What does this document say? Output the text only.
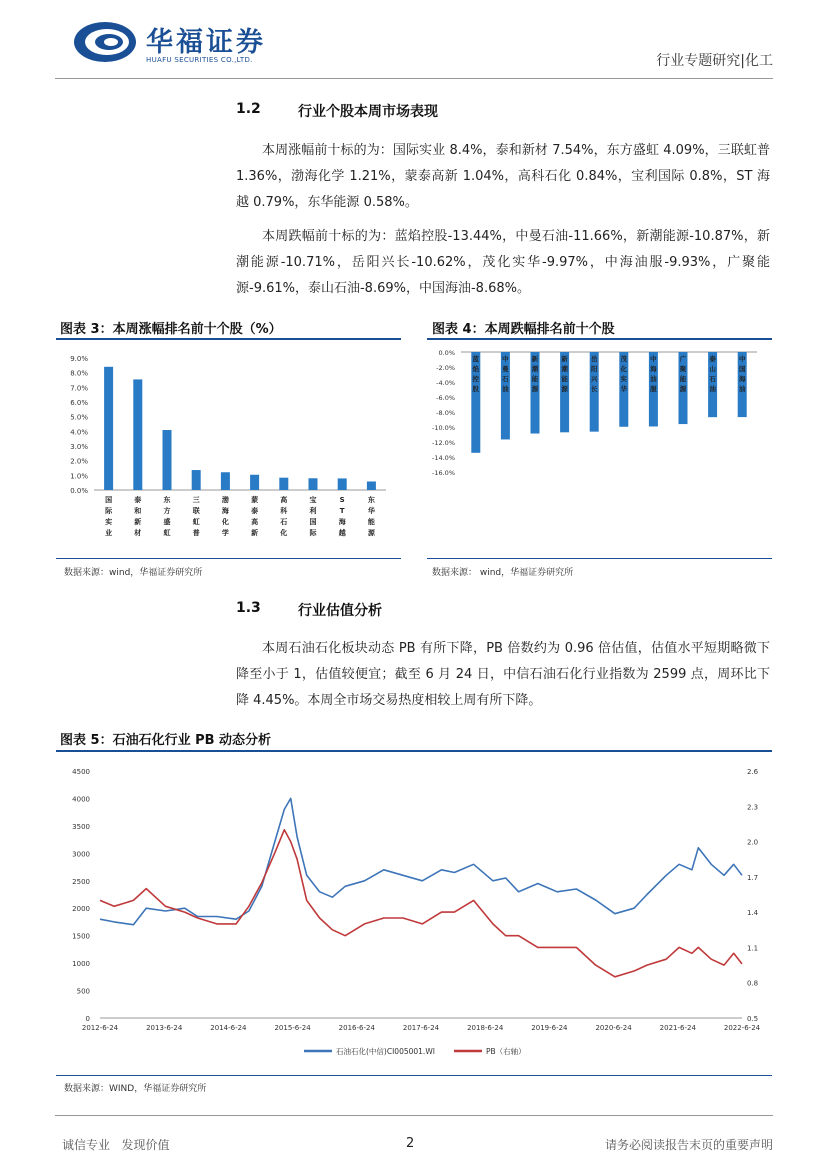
华福证券
HUAFU SECURITIES CO.,LTD.	行业专题研究|化工
1.2	行业个股本周市场表现
本周涨幅前十标的为：国际实业 8.4%，泰和新材 7.54%，东方盛虹 4.09%，三联虹普 1.36%，渤海化学 1.21%，蒙泰高新 1.04%，高科石化 0.84%，宝利国际 0.8%，ST 海越 0.79%，东华能源 0.58%。
本周跌幅前十标的为：蓝焰控股-13.44%，中曼石油-11.66%，新潮能源-10.87%，新潮能源-10.71%，岳阳兴长-10.62%，茂化实华-9.97%，中海油服-9.93%，广聚能源-9.61%，泰山石油-8.69%，中国海油-8.68%。
图表 3：本周涨幅排名前十个股（%）
0.0%
1.0%
2.0%
3.0%
4.0%
5.0%
6.0%
7.0%
8.0%
9.0%
国
际
实
业
泰
和
新
材
东
方
盛
虹
三
联
虹
普
渤
海
化
学
蒙
泰
高
新
高
科
石
化
宝
利
国
际
S
T
海
越
东
华
能
源
数据来源：wind，华福证券研究所
图表 4：本周跌幅排名前十个股
0.0%
-2.0%
-4.0%
-6.0%
-8.0%
-10.0%
-12.0%
-14.0%
-16.0%
蓝
焰
控
股
中
曼
石
油
新
潮
能
源
新
潮
能
源
岳
阳
兴
长
茂
化
实
华
中
海
油
服
广
聚
能
源
泰
山
石
油
中
国
海
油
数据来源： wind，华福证券研究所
1.3	行业估值分析
本周石油石化板块动态 PB 有所下降，PB 倍数约为 0.96 倍估值，估值水平短期略微下降至小于 1，估值较便宜；截至 6 月 24 日，中信石油石化行业指数为 2599 点，周环比下降 4.45%。本周全市场交易热度相较上周有所下降。
图表 5：石油石化行业 PB 动态分析
0
500
1000
1500
2000
2500
3000
3500
4000
4500
0.5
0.8
1.1
1.4
1.7
2.0
2.3
2.6
2012-6-24	2013-6-24	2014-6-24	2015-6-24	2016-6-24	2017-6-24	2018-6-24	2019-6-24	2020-6-24	2021-6-24	2022-6-24
石油石化(中信)CI005001.WI	PB（右轴）
数据来源：WIND，华福证券研究所
诚信专业   发现价值	2	请务必阅读报告末页的重要声明
